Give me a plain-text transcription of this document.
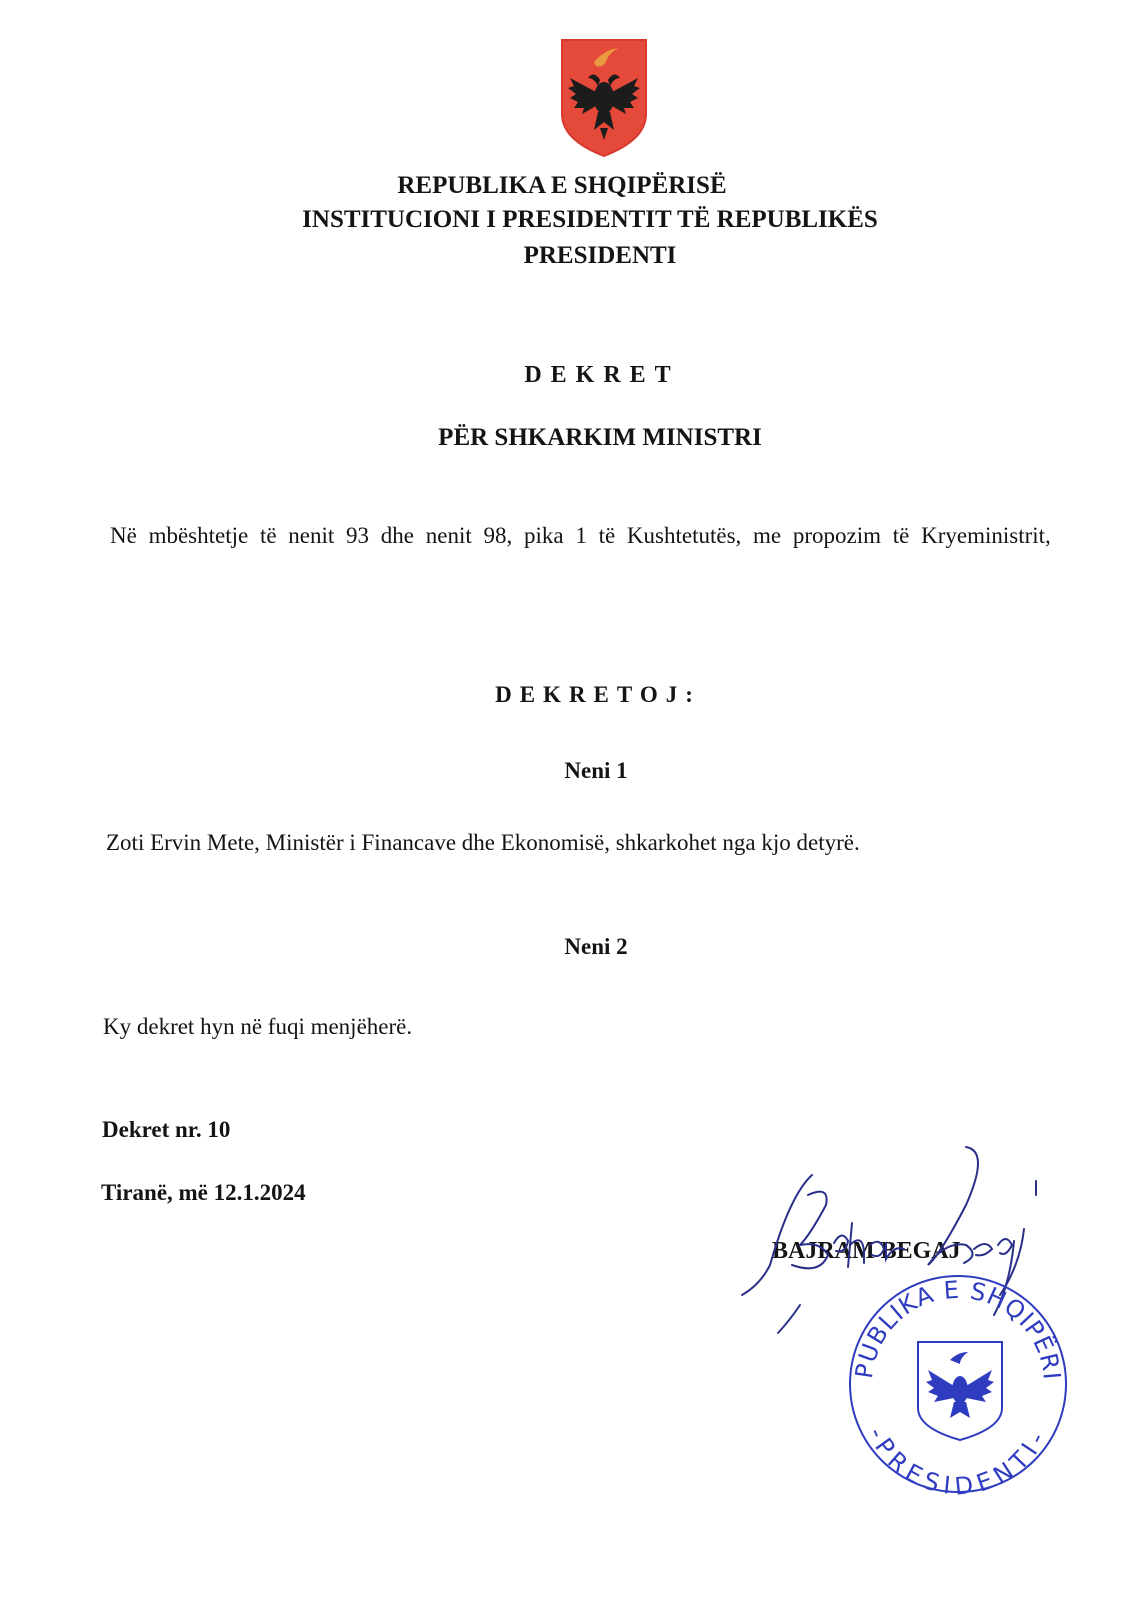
REPUBLIKA E SHQIPËRISË
INSTITUCIONI I PRESIDENTIT TË REPUBLIKËS
PRESIDENTI
DEKRET
PËR SHKARKIM MINISTRI
Në mbështetje të nenit 93 dhe nenit 98, pika 1 të Kushtetutës, me propozim të Kryeministrit,
DEKRETOJ:
Neni 1
Zoti Ervin Mete, Ministër i Financave dhe Ekonomisë, shkarkohet nga kjo detyrë.
Neni 2
Ky dekret hyn në fuqi menjëherë.
Dekret nr. 10
Tiranë, më 12.1.2024
BAJRAM BEGAJ
PUBLIKA E SHQIPËRI
-PRESIDENTI-
